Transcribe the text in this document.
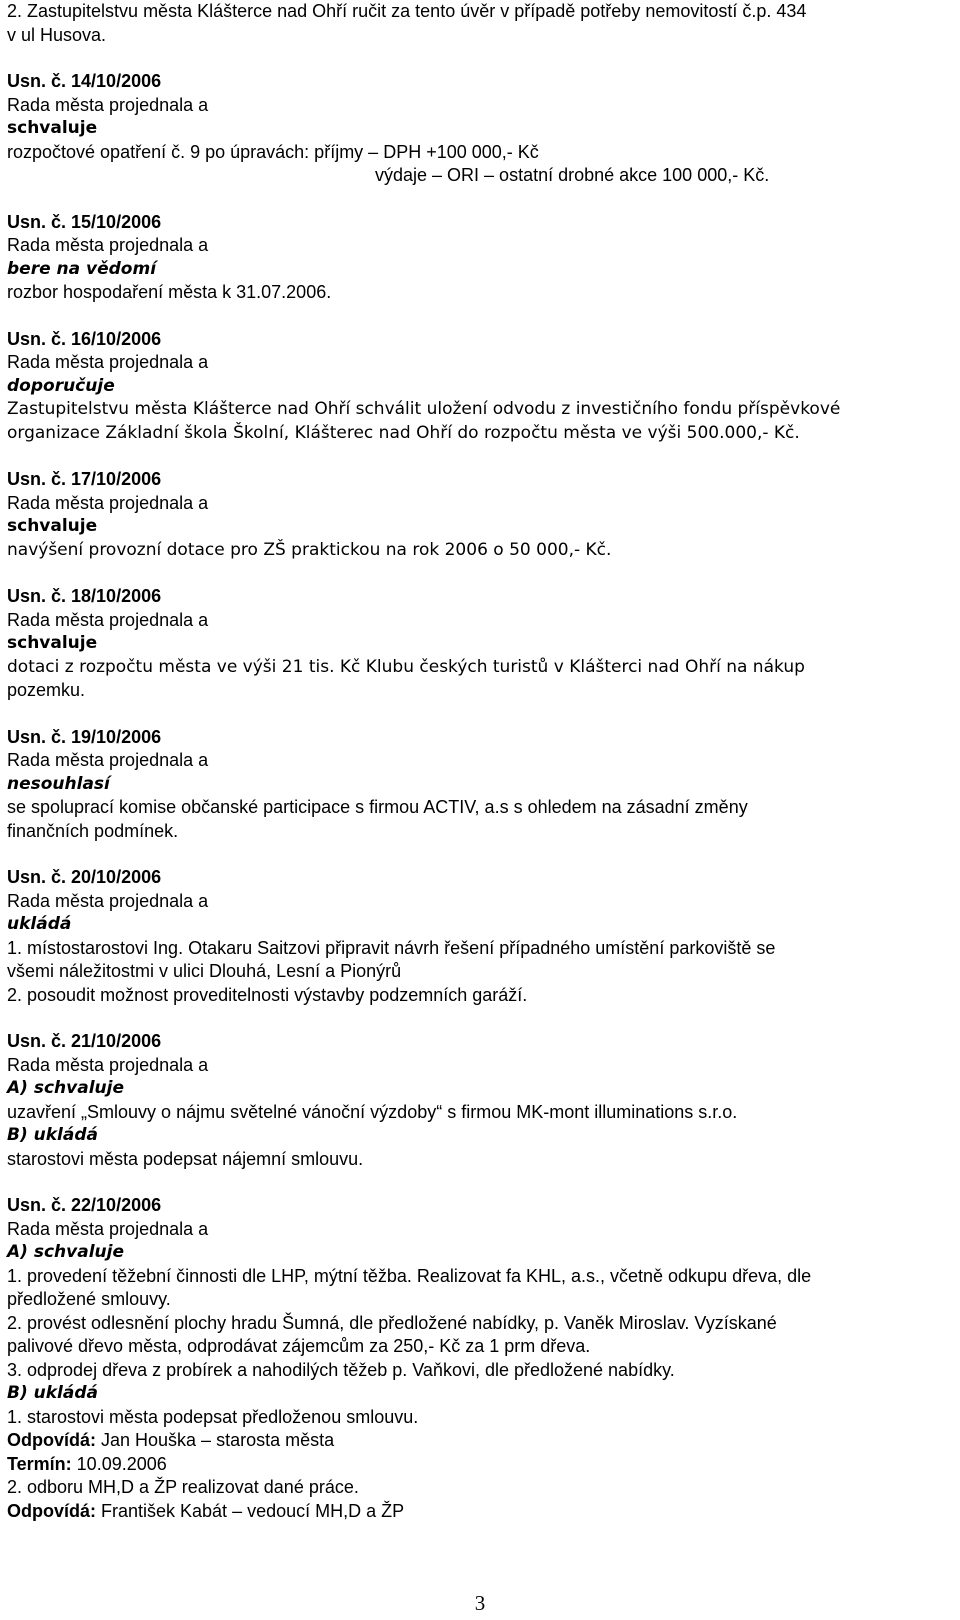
2. Zastupitelstvu města Klášterce nad Ohří ručit za tento úvěr v případě potřeby nemovitostí č.p. 434
v ul Husova.
Usn. č. 14/10/2006
Rada města projednala a
schvaluje
rozpočtové opatření č. 9 po úpravách: příjmy – DPH +100 000,- Kč
výdaje – ORI – ostatní drobné akce 100 000,- Kč.
Usn. č. 15/10/2006
Rada města projednala a
bere na vědomí
rozbor hospodaření města k 31.07.2006.
Usn. č. 16/10/2006
Rada města projednala a
doporučuje
Zastupitelstvu města Klášterce nad Ohří schválit uložení odvodu z investičního fondu příspěvkové
organizace Základní škola Školní, Klášterec nad Ohří do rozpočtu města ve výši 500.000,- Kč.
Usn. č. 17/10/2006
Rada města projednala a
schvaluje
navýšení provozní dotace pro ZŠ praktickou na rok 2006 o 50 000,- Kč.
Usn. č. 18/10/2006
Rada města projednala a
schvaluje
dotaci z rozpočtu města ve výši 21 tis. Kč Klubu českých turistů v Klášterci nad Ohří na nákup
pozemku.
Usn. č. 19/10/2006
Rada města projednala a
nesouhlasí
se spoluprací komise občanské participace s firmou ACTIV, a.s s ohledem na zásadní změny
finančních podmínek.
Usn. č. 20/10/2006
Rada města projednala a
ukládá
1. místostarostovi Ing. Otakaru Saitzovi připravit návrh řešení případného umístění parkoviště se
všemi náležitostmi v ulici Dlouhá, Lesní a Pionýrů
2. posoudit možnost proveditelnosti výstavby podzemních garáží.
Usn. č. 21/10/2006
Rada města projednala a
A) schvaluje
uzavření „Smlouvy o nájmu světelné vánoční výzdoby“ s firmou MK-mont illuminations s.r.o.
B) ukládá
starostovi města podepsat nájemní smlouvu.
Usn. č. 22/10/2006
Rada města projednala a
A) schvaluje
1. provedení těžební činnosti dle LHP, mýtní těžba. Realizovat fa KHL, a.s., včetně odkupu dřeva, dle
předložené smlouvy.
2. provést odlesnění plochy hradu Šumná, dle předložené nabídky, p. Vaněk Miroslav. Vyzískané
palivové dřevo města, odprodávat zájemcům za 250,- Kč za 1 prm dřeva.
3. odprodej dřeva z probírek a nahodilých těžeb p. Vaňkovi, dle předložené nabídky.
B) ukládá
1. starostovi města podepsat předloženou smlouvu.
Odpovídá: Jan Houška – starosta města
Termín: 10.09.2006
2. odboru MH,D a ŽP realizovat dané práce.
Odpovídá: František Kabát – vedoucí MH,D a ŽP
3
